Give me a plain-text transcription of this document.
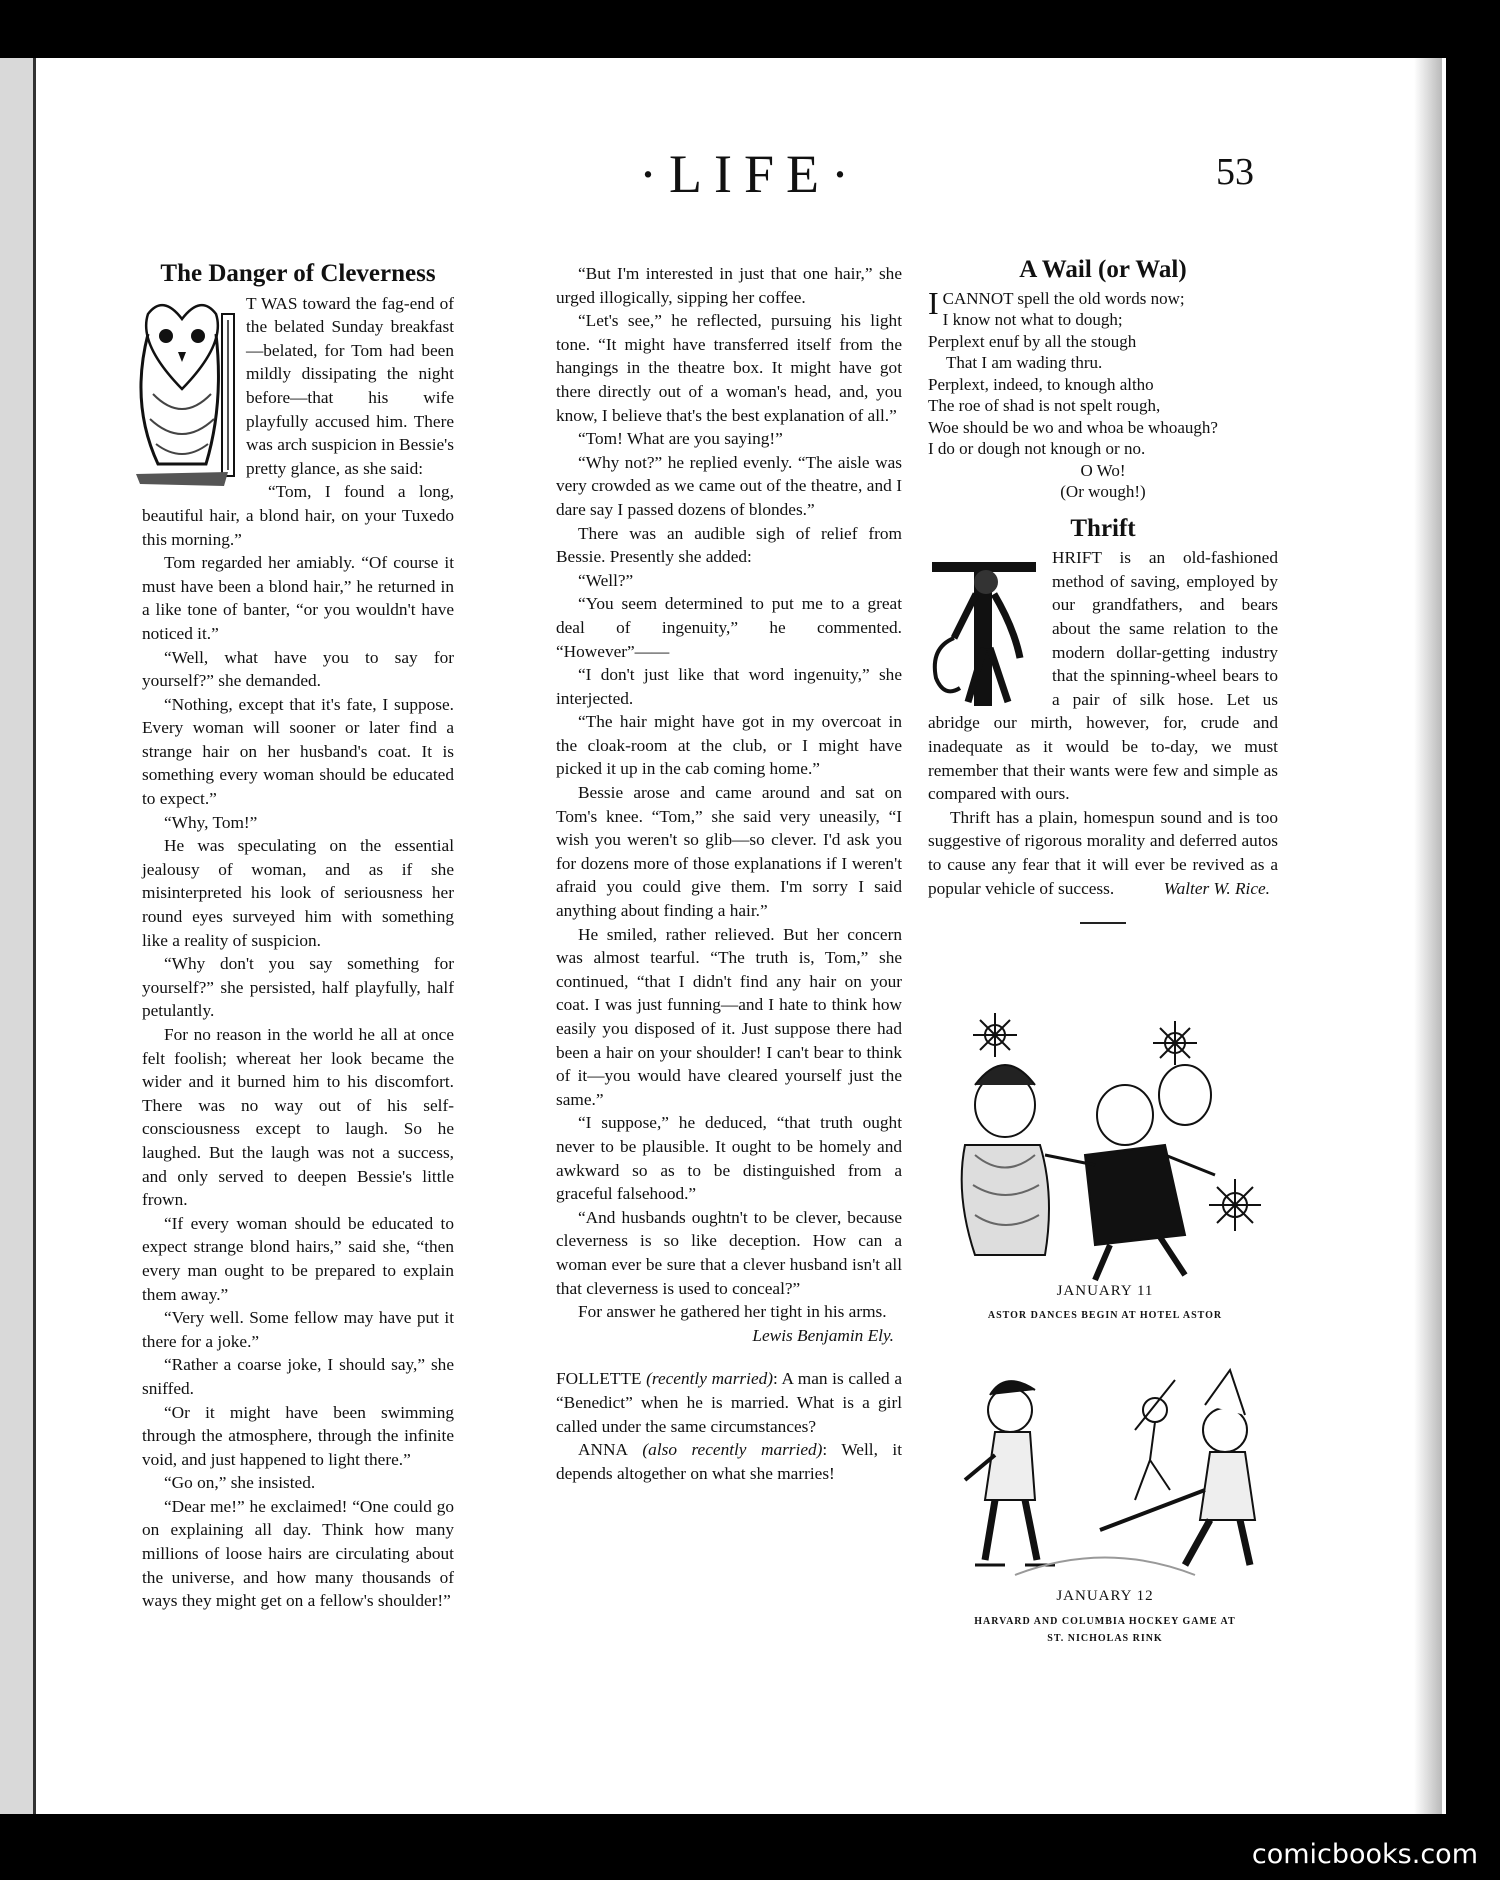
·LIFE·	53
The Danger of Cleverness

T WAS toward the fag-end of the belated Sunday breakfast—belated, for Tom had been mildly dissipating the night before—that his wife playfully accused him. There was arch suspicion in Bessie's pretty glance, as she said:

“Tom, I found a long, beautiful hair, a blond hair, on your Tuxedo this morning.”

Tom regarded her amiably. “Of course it must have been a blond hair,” he returned in a like tone of banter, “or you wouldn't have noticed it.”

“Well, what have you to say for yourself?” she demanded.

“Nothing, except that it's fate, I suppose. Every woman will sooner or later find a strange hair on her husband's coat. It is something every woman should be educated to expect.”

“Why, Tom!”

He was speculating on the essential jealousy of woman, and as if she misinterpreted his look of seriousness her round eyes surveyed him with something like a reality of suspicion.

“Why don't you say something for yourself?” she persisted, half playfully, half petulantly.

For no reason in the world he all at once felt foolish; whereat her look became the wider and it burned him to his discomfort. There was no way out of his self-consciousness except to laugh. So he laughed. But the laugh was not a success, and only served to deepen Bessie's little frown.

“If every woman should be educated to expect strange blond hairs,” said she, “then every man ought to be prepared to explain them away.”

“Very well. Some fellow may have put it there for a joke.”

“Rather a coarse joke, I should say,” she sniffed.

“Or it might have been swimming through the atmosphere, through the infinite void, and just happened to light there.”

“Go on,” she insisted.

“Dear me!” he exclaimed! “One could go on explaining all day. Think how many millions of loose hairs are circulating about the universe, and how many thousands of ways they might get on a fellow's shoulder!”

“But I'm interested in just that one hair,” she urged illogically, sipping her coffee.

“Let's see,” he reflected, pursuing his light tone. “It might have transferred itself from the hangings in the theatre box. It might have got there directly out of a woman's head, and, you know, I believe that's the best explanation of all.”

“Tom! What are you saying!”

“Why not?” he replied evenly. “The aisle was very crowded as we came out of the theatre, and I dare say I passed dozens of blondes.”

There was an audible sigh of relief from Bessie. Presently she added:

“Well?”

“You seem determined to put me to a great deal of ingenuity,” he commented. “However”——

“I don't just like that word ingenuity,” she interjected.

“The hair might have got in my overcoat in the cloak-room at the club, or I might have picked it up in the cab coming home.”

Bessie arose and came around and sat on Tom's knee. “Tom,” she said very uneasily, “I wish you weren't so glib—so clever. I'd ask you for dozens more of those explanations if I weren't afraid you could give them. I'm sorry I said anything about finding a hair.”

He smiled, rather relieved. But her concern was almost tearful. “The truth is, Tom,” she continued, “that I didn't find any hair on your coat. I was just funning—and I hate to think how easily you disposed of it. Just suppose there had been a hair on your shoulder! I can't bear to think of it—you would have cleared yourself just the same.”

“I suppose,” he deduced, “that truth ought never to be plausible. It ought to be homely and awkward so as to be distinguished from a graceful falsehood.”

“And husbands oughtn't to be clever, because cleverness is so like deception. How can a woman ever be sure that a clever husband isn't all that cleverness is used to conceal?”

For answer he gathered her tight in his arms.

Lewis Benjamin Ely.

FOLLETTE (recently married): A man is called a “Benedict” when he is married. What is a girl called under the same circumstances?

ANNA (also recently married): Well, it depends altogether on what she marries!

A Wail (or Wal)
ICANNOT spell the old words now;
I know not what to dough;
Perplext enuf by all the stough
That I am wading thru.
Perplext, indeed, to knough altho
The roe of shad is not spelt rough,
Woe should be wo and whoa be whoaugh?
I do or dough not knough or no.
O Wo!
(Or wough!)
Thrift

HRIFT is an old-fashioned method of saving, employed by our grandfathers, and bears about the same relation to the modern dollar-getting industry that the spinning-wheel bears to a pair of silk hose. Let us abridge our mirth, however, for, crude and inadequate as it would be to-day, we must remember that their wants were few and simple as compared with ours.

Thrift has a plain, homespun sound and is too suggestive of rigorous morality and deferred autos to cause any fear that it will ever be revived as a popular vehicle of success.	Walter W. Rice.

JANUARY 11
ASTOR DANCES BEGIN AT HOTEL ASTOR
JANUARY 12
HARVARD AND COLUMBIA HOCKEY GAME AT
ST. NICHOLAS RINK
comicbooks.com
